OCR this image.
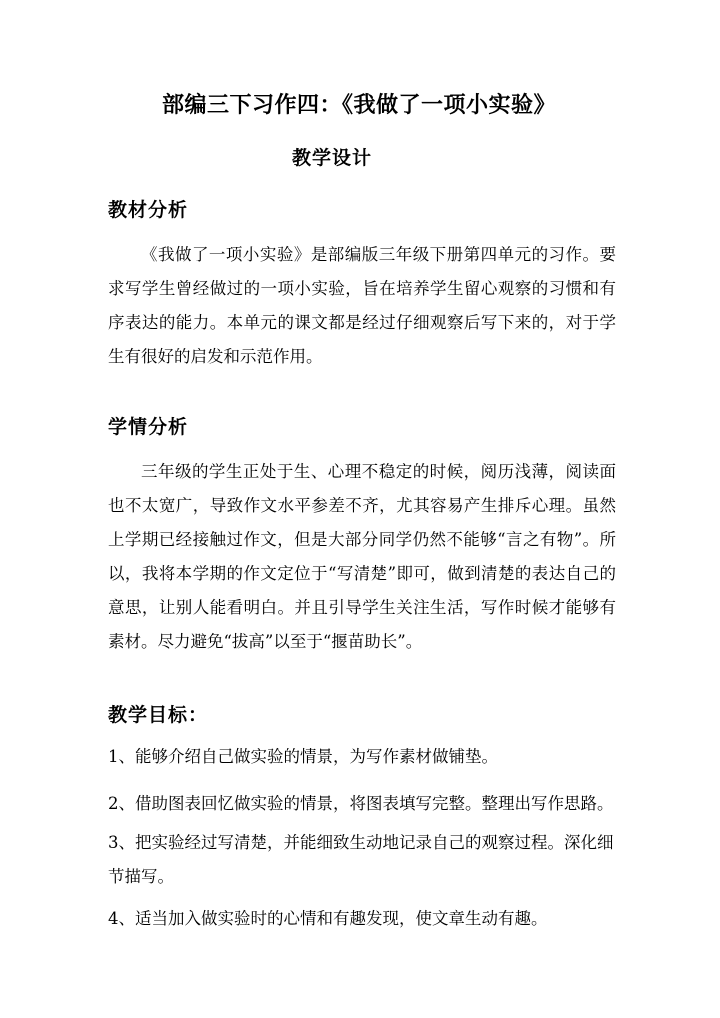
部编三下习作四：《我做了一项小实验》
教学设计
教材分析
《我做了一项小实验》是部编版三年级下册第四单元的习作。要求写学生曾经做过的一项小实验，旨在培养学生留心观察的习惯和有序表达的能力。本单元的课文都是经过仔细观察后写下来的，对于学生有很好的启发和示范作用。
学情分析
三年级的学生正处于生、心理不稳定的时候，阅历浅薄，阅读面也不太宽广，导致作文水平参差不齐，尤其容易产生排斥心理。虽然上学期已经接触过作文，但是大部分同学仍然不能够“言之有物”。所以，我将本学期的作文定位于“写清楚”即可，做到清楚的表达自己的意思，让别人能看明白。并且引导学生关注生活，写作时候才能够有素材。尽力避免“拔高”以至于“揠苗助长”。
教学目标：
1、能够介绍自己做实验的情景，为写作素材做铺垫。
2、借助图表回忆做实验的情景，将图表填写完整。整理出写作思路。
3、把实验经过写清楚，并能细致生动地记录自己的观察过程。深化细节描写。
4、适当加入做实验时的心情和有趣发现，使文章生动有趣。
